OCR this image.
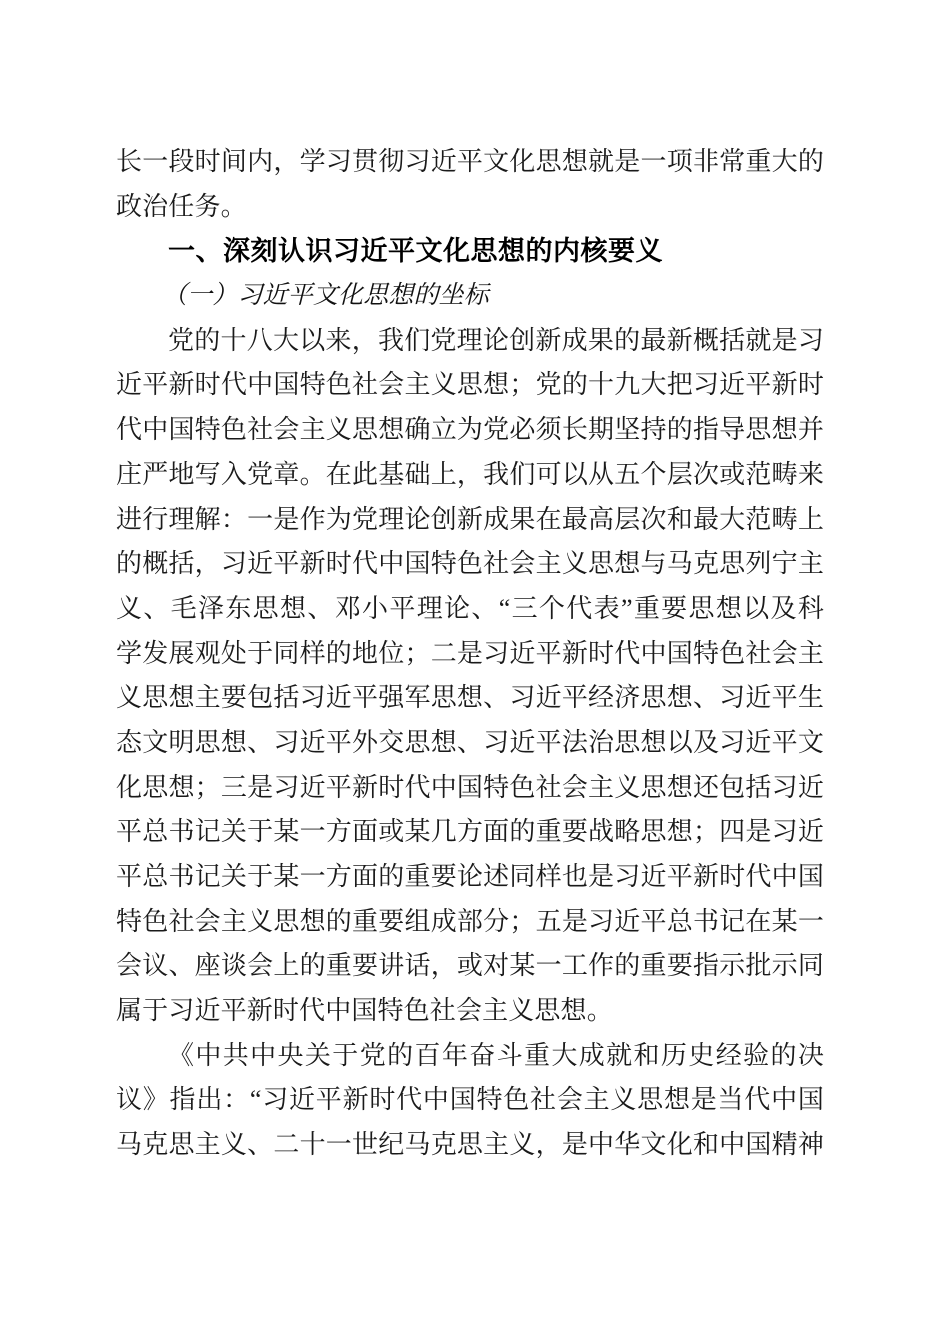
长一段时间内，学习贯彻习近平文化思想就是一项非常重大的
政治任务。
一、深刻认识习近平文化思想的内核要义
（一）习近平文化思想的坐标
党的十八大以来，我们党理论创新成果的最新概括就是习
近平新时代中国特色社会主义思想；党的十九大把习近平新时
代中国特色社会主义思想确立为党必须长期坚持的指导思想并
庄严地写入党章。在此基础上，我们可以从五个层次或范畴来
进行理解：一是作为党理论创新成果在最高层次和最大范畴上
的概括，习近平新时代中国特色社会主义思想与马克思列宁主
义、毛泽东思想、邓小平理论、“三个代表”重要思想以及科
学发展观处于同样的地位；二是习近平新时代中国特色社会主
义思想主要包括习近平强军思想、习近平经济思想、习近平生
态文明思想、习近平外交思想、习近平法治思想以及习近平文
化思想；三是习近平新时代中国特色社会主义思想还包括习近
平总书记关于某一方面或某几方面的重要战略思想；四是习近
平总书记关于某一方面的重要论述同样也是习近平新时代中国
特色社会主义思想的重要组成部分；五是习近平总书记在某一
会议、座谈会上的重要讲话，或对某一工作的重要指示批示同
属于习近平新时代中国特色社会主义思想。
《中共中央关于党的百年奋斗重大成就和历史经验的决
议》指出：“习近平新时代中国特色社会主义思想是当代中国
马克思主义、二十一世纪马克思主义，是中华文化和中国精神
